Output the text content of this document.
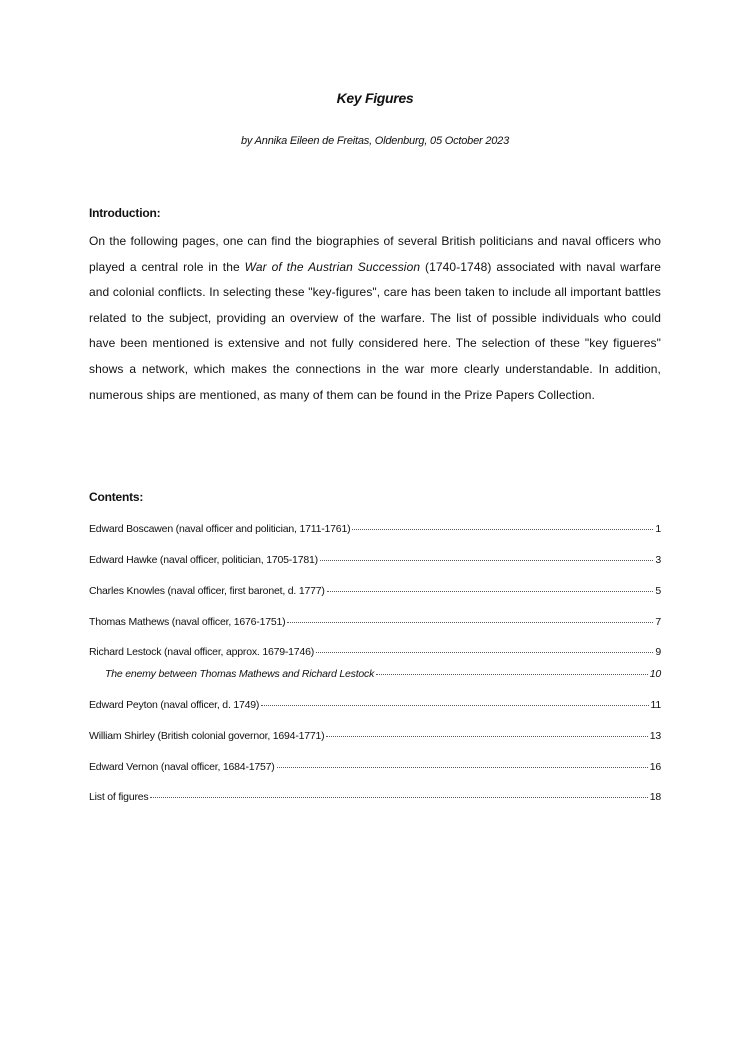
Key Figures
by Annika Eileen de Freitas, Oldenburg, 05 October 2023
Introduction:

On the following pages, one can find the biographies of several British politicians and naval officers who played a central role in the War of the Austrian Succession (1740-1748) associated with naval warfare and colonial conflicts. In selecting these "key-figures", care has been taken to include all important battles related to the subject, providing an overview of the warfare. The list of possible individuals who could have been mentioned is extensive and not fully considered here. The selection of these "key figueres" shows a network, which makes the connections in the war more clearly understandable. In addition, numerous ships are mentioned, as many of them can be found in the Prize Papers Collection.

Contents:
Edward Boscawen (naval officer and politician, 1711-1761)	1
Edward Hawke (naval officer, politician, 1705-1781)	3
Charles Knowles (naval officer, first baronet, d. 1777)	5
Thomas Mathews (naval officer, 1676-1751)	7
Richard Lestock (naval officer, approx. 1679-1746)	9
The enemy between Thomas Mathews and Richard Lestock	10
Edward Peyton (naval officer, d. 1749)	11
William Shirley (British colonial governor, 1694-1771)	13
Edward Vernon (naval officer, 1684-1757)	16
List of figures	18
